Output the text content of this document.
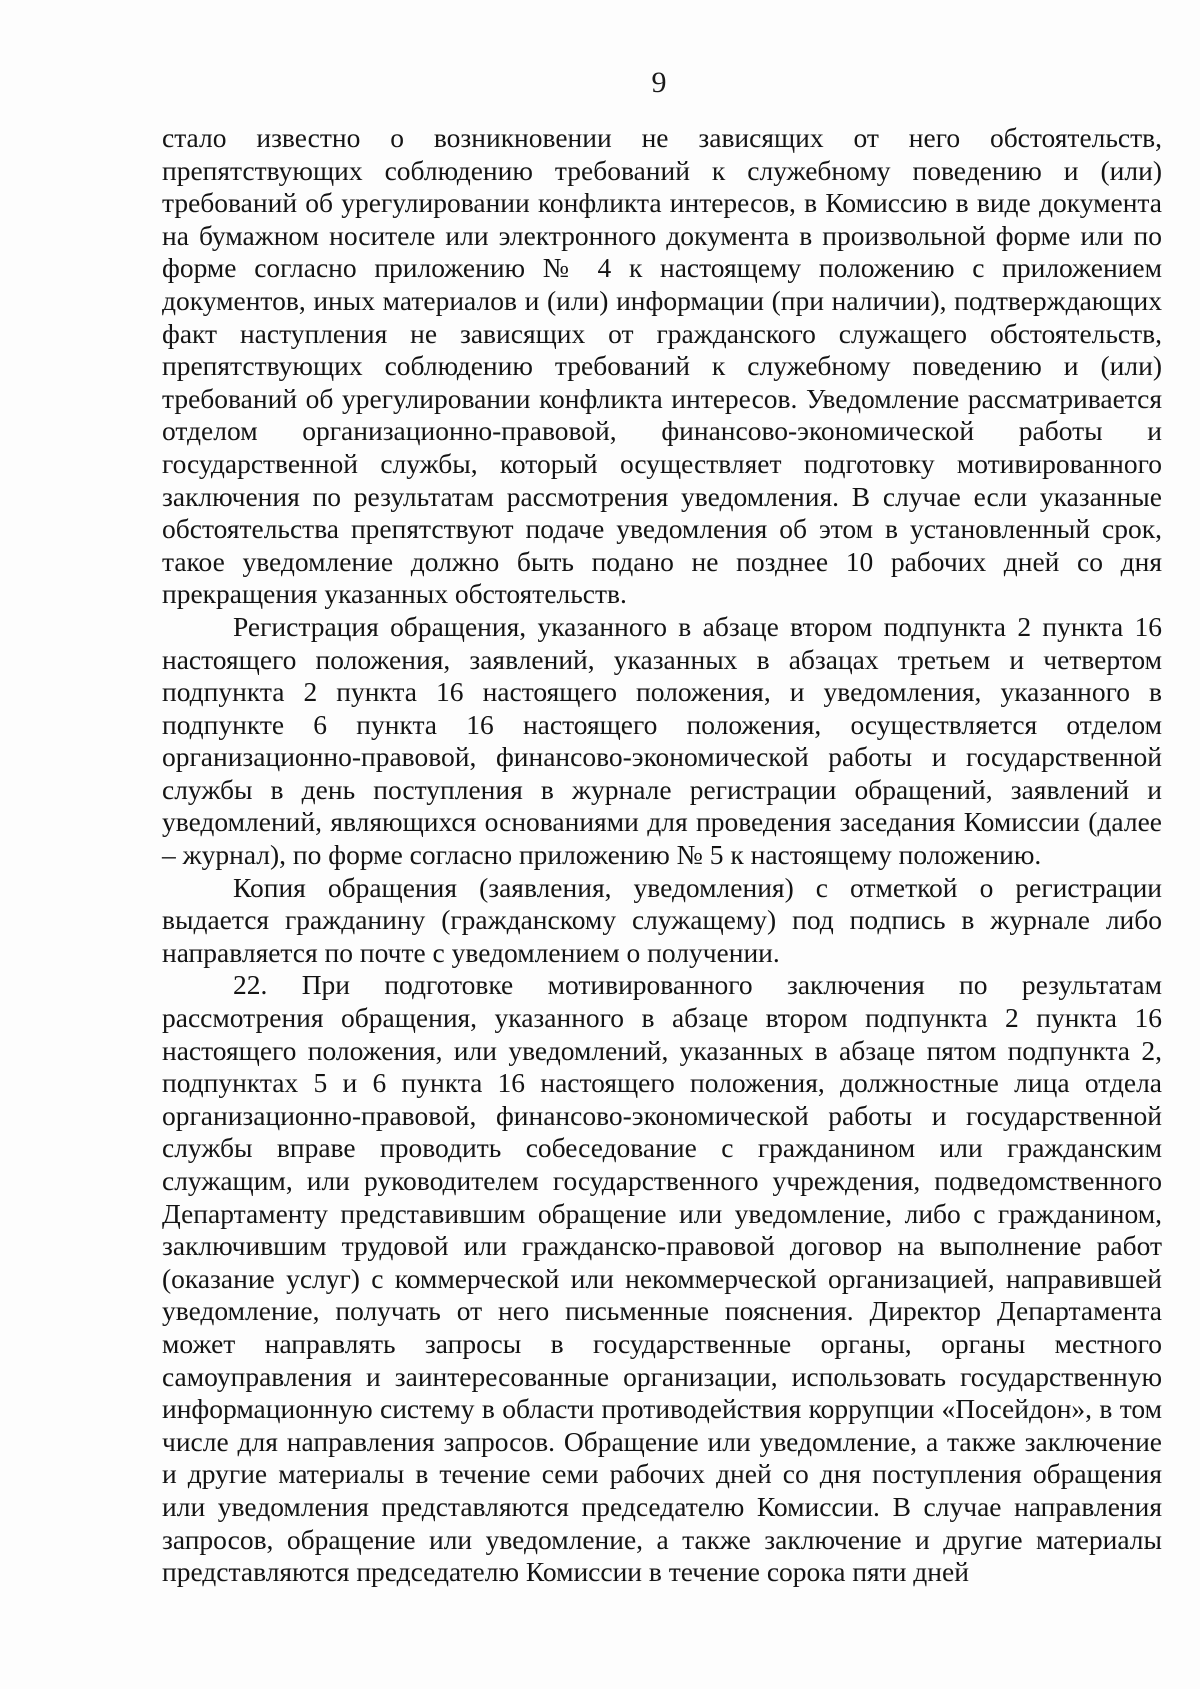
9

стало известно о возникновении не зависящих от него обстоятельств, препятствующих соблюдению требований к служебному поведению и (или) требований об урегулировании конфликта интересов, в Комиссию в виде документа на бумажном носителе или электронного документа в произвольной форме или по форме согласно приложению № 4 к настоящему положению с приложением документов, иных материалов и (или) информации (при наличии), подтверждающих факт наступления не зависящих от гражданского служащего обстоятельств, препятствующих соблюдению требований к служебному поведению и (или) требований об урегулировании конфликта интересов. Уведомление рассматривается отделом организационно-правовой, финансово-экономической работы и государственной службы, который осуществляет подготовку мотивированного заключения по результатам рассмотрения уведомления. В случае если указанные обстоятельства препятствуют подаче уведомления об этом в установленный срок, такое уведомление должно быть подано не позднее 10 рабочих дней со дня прекращения указанных обстоятельств.

Регистрация обращения, указанного в абзаце втором подпункта 2 пункта 16 настоящего положения, заявлений, указанных в абзацах третьем и четвертом подпункта 2 пункта 16 настоящего положения, и уведомления, указанного в подпункте 6 пункта 16 настоящего положения, осуществляется отделом организационно-правовой, финансово-экономической работы и государственной службы в день поступления в журнале регистрации обращений, заявлений и уведомлений, являющихся основаниями для проведения заседания Комиссии (далее – журнал), по форме согласно приложению № 5 к настоящему положению.

Копия обращения (заявления, уведомления) с отметкой о регистрации выдается гражданину (гражданскому служащему) под подпись в журнале либо направляется по почте с уведомлением о получении.

22. При подготовке мотивированного заключения по результатам рассмотрения обращения, указанного в абзаце втором подпункта 2 пункта 16 настоящего положения, или уведомлений, указанных в абзаце пятом подпункта 2, подпунктах 5 и 6 пункта 16 настоящего положения, должностные лица отдела организационно-правовой, финансово-экономической работы и государственной службы вправе проводить собеседование с гражданином или гражданским служащим, или руководителем государственного учреждения, подведомственного Департаменту представившим обращение или уведомление, либо с гражданином, заключившим трудовой или гражданско-правовой договор на выполнение работ (оказание услуг) с коммерческой или некоммерческой организацией, направившей уведомление, получать от него письменные пояснения. Директор Департамента может направлять запросы в государственные органы, органы местного самоуправления и заинтересованные организации, использовать государственную информационную систему в области противодействия коррупции «Посейдон», в том числе для направления запросов. Обращение или уведомление, а также заключение и другие материалы в течение семи рабочих дней со дня поступления обращения или уведомления представляются председателю Комиссии. В случае направления запросов, обращение или уведомление, а также заключение и другие материалы представляются председателю Комиссии в течение сорока пяти дней
